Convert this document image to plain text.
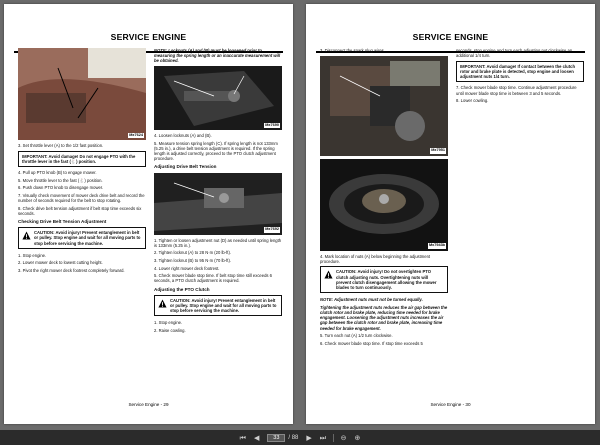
SERVICE ENGINE
Mx7624

3. Set throttle lever (A) to the 1/2 fast position.

IMPORTANT: Avoid damage! Do not engage PTO with the throttle lever in the fast (🐇) position.

4. Pull up PTO knob (B) to engage mower.

5. Move throttle lever to the fast (🐇) position.

6. Push down PTO knob to disengage mower.

7. Visually check movement of mower deck drive belt and record the number of seconds required for the belt to stop rotating.

8. Check drive belt tension adjustment if belt stop time exceeds six seconds.

Checking Drive Belt Tension Adjustment
CAUTION: Avoid injury! Prevent entanglement in belt or pulley. Stop engine and wait for all moving parts to stop before servicing the machine.

1. Stop engine.

2. Lower mower deck to lowest cutting height.

3. Pivot the right mower deck footrest completely forward.

NOTE: Locknuts (A) and (B) must be loosened prior to measuring the spring length or an inaccurate measurement will be obtained.

Mx7690

4. Loosen locknuts (A) and (B).

5. Measure tension spring length (C). If spring length is not 133mm (5.25 in.), a drive belt tension adjustment is required. If the spring length is adjusted correctly, proceed to the PTO clutch adjustment procedure.

Adjusting Drive Belt Tension
Mx7692

1. Tighten or loosen adjustment nut (D) as needed until spring length is 133mm (5.25 in.).

2. Tighten locknut (A) to 28 N·m (20 lb-ft).

3. Tighten locknut (B) to 95 N·m (70 lb-ft).

4. Lower right mower deck footrest.

5. Check mower blade stop time. If belt stop time still exceeds 6 seconds, a PTO clutch adjustment is required.

Adjusting the PTO Clutch
CAUTION: Avoid injury! Prevent entanglement in belt or pulley. Stop engine and wait for all moving parts to stop before servicing the machine.

1. Stop engine.

2. Raise cowling.

Service Engine - 29
SERVICE ENGINE

3. Disconnect the spark plug wires.

Mx7951
Mx7943b

4. Mark location of nuts (A) below beginning the adjustment procedure.

CAUTION: Avoid injury! Do not overtighten PTO clutch adjusting nuts. Overtightening nuts will prevent clutch disengagement allowing the mower blades to turn continuously.

NOTE: Adjustment nuts must not be turned equally.

Tightening the adjustment nuts reduces the air gap between the clutch rotor and brake plate, reducing time needed for brake engagement. Loosening the adjustment nuts increases the air gap between the clutch rotor and brake plate, increasing time needed for brake engagement.

5. Turn each nut (A) 1/2 turn clockwise.

6. Check mower blade stop time. If stop time exceeds 5

seconds, stop engine and turn each adjusting nut clockwise an additional 1/4 turn.

IMPORTANT: Avoid damage! If contact between the clutch rotor and brake plate is detected, stop engine and loosen adjustment nuts 1/4 turn.

7. Check mower blade stop time. Continue adjustment procedure until mower blade stop time is between 3 and 5 seconds.

8. Lower cowling.

Service Engine - 30
⏮	◀	33	/ 88	▶	⏭	⊖	⊕
